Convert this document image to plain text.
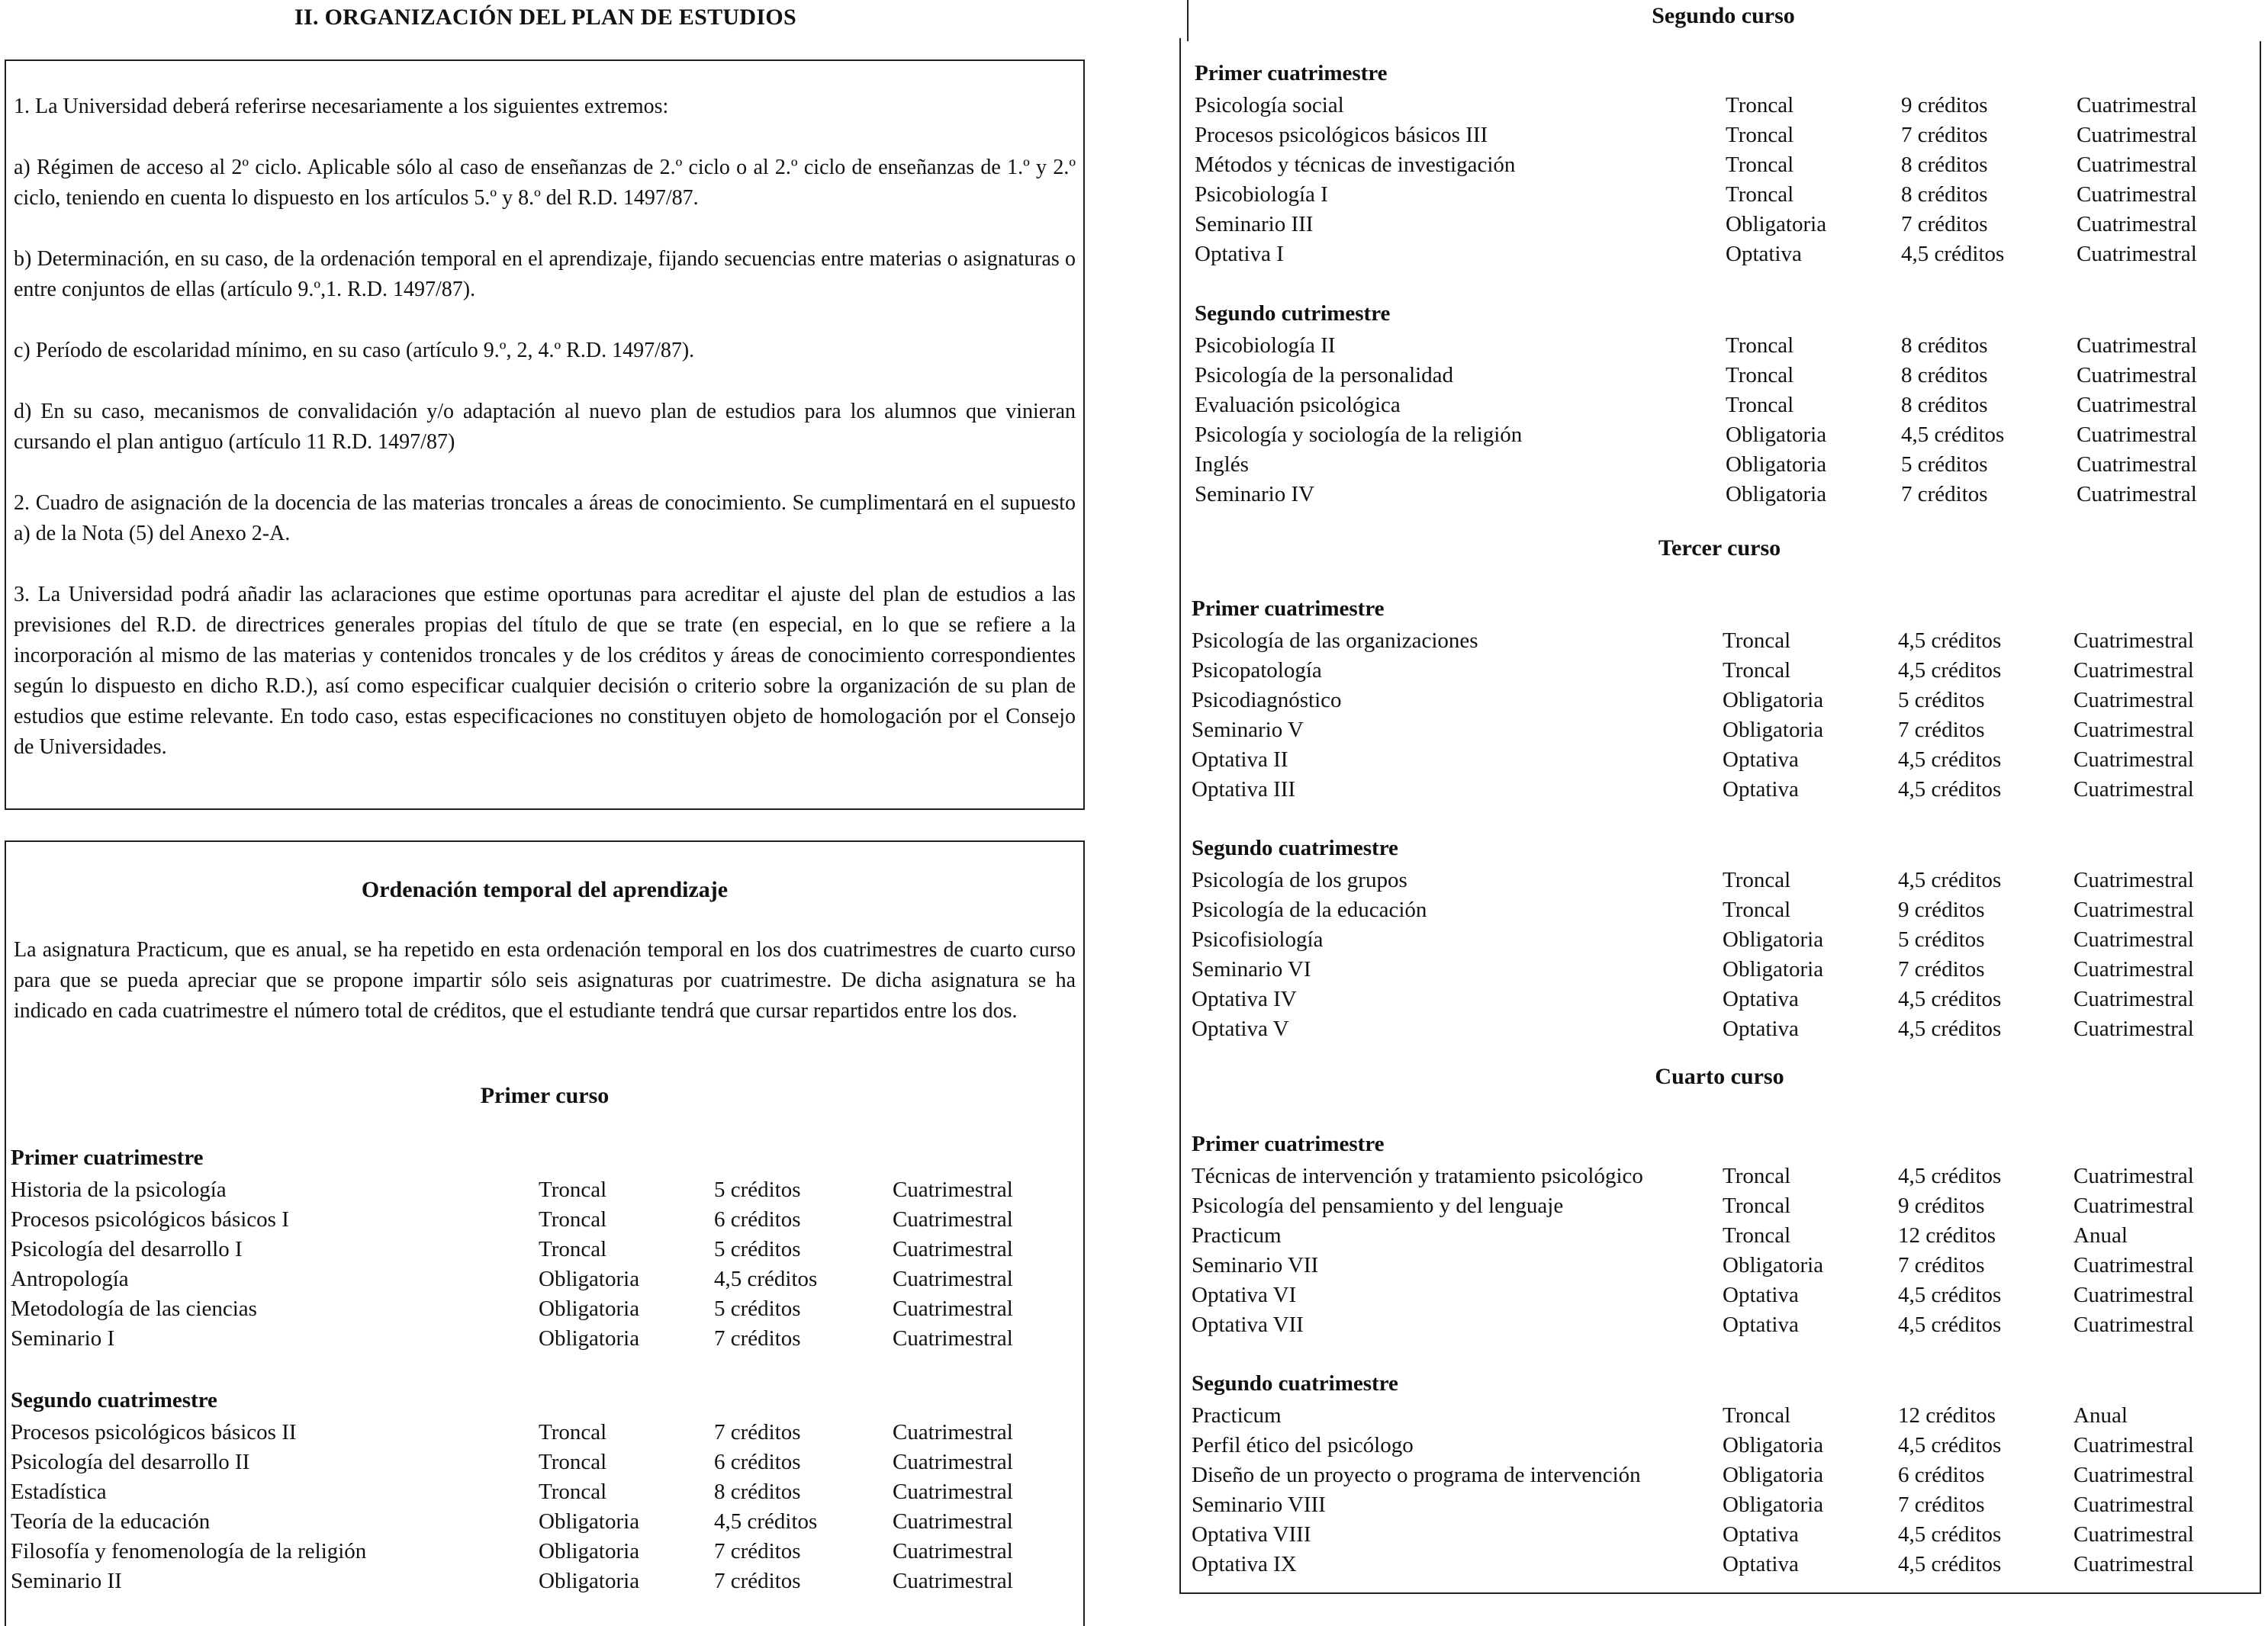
II. ORGANIZACIÓN DEL PLAN DE ESTUDIOS

1. La Universidad deberá referirse necesariamente a los siguientes extremos:

a) Régimen de acceso al 2º ciclo. Aplicable sólo al caso de enseñanzas de 2.º ciclo o al 2.º ciclo de enseñanzas de 1.º y 2.º ciclo, teniendo en cuenta lo dispuesto en los artículos 5.º y 8.º del R.D. 1497/87.

b) Determinación, en su caso, de la ordenación temporal en el aprendizaje, fijando secuencias entre materias o asignaturas o entre conjuntos de ellas (artículo 9.º,1. R.D. 1497/87).

c) Período de escolaridad mínimo, en su caso (artículo 9.º, 2, 4.º R.D. 1497/87).

d) En su caso, mecanismos de convalidación y/o adaptación al nuevo plan de estudios para los alumnos que vinieran cursando el plan antiguo (artículo 11 R.D. 1497/87)

2. Cuadro de asignación de la docencia de las materias troncales a áreas de conocimiento. Se cumplimentará en el supuesto a) de la Nota (5) del Anexo 2-A.

3. La Universidad podrá añadir las aclaraciones que estime oportunas para acreditar el ajuste del plan de estudios a las previsiones del R.D. de directrices generales propias del título de que se trate (en especial, en lo que se refiere a la incorporación al mismo de las materias y contenidos troncales y de los créditos y áreas de conocimiento correspondientes según lo dispuesto en dicho R.D.), así como especificar cualquier decisión o criterio sobre la organización de su plan de estudios que estime relevante. En todo caso, estas especificaciones no constituyen objeto de homologación por el Consejo de Universidades.

Ordenación temporal del aprendizaje

La asignatura Practicum, que es anual, se ha repetido en esta ordenación temporal en los dos cuatrimestres de cuarto curso para que se pueda apreciar que se propone impartir sólo seis asignaturas por cuatrimestre. De dicha asignatura se ha indicado en cada cuatrimestre el número total de créditos, que el estudiante tendrá que cursar repartidos entre los dos.

Primer curso
Primer cuatrimestre
Historia de la psicología	Troncal	5 créditos	Cuatrimestral
Procesos psicológicos básicos I	Troncal	6 créditos	Cuatrimestral
Psicología del desarrollo I	Troncal	5 créditos	Cuatrimestral
Antropología	Obligatoria	4,5 créditos	Cuatrimestral
Metodología de las ciencias	Obligatoria	5 créditos	Cuatrimestral
Seminario I	Obligatoria	7 créditos	Cuatrimestral
Segundo cuatrimestre
Procesos psicológicos básicos II	Troncal	7 créditos	Cuatrimestral
Psicología del desarrollo II	Troncal	6 créditos	Cuatrimestral
Estadística	Troncal	8 créditos	Cuatrimestral
Teoría de la educación	Obligatoria	4,5 créditos	Cuatrimestral
Filosofía y fenomenología de la religión	Obligatoria	7 créditos	Cuatrimestral
Seminario II	Obligatoria	7 créditos	Cuatrimestral
Segundo curso
Primer cuatrimestre
Psicología social	Troncal	9 créditos	Cuatrimestral
Procesos psicológicos básicos III	Troncal	7 créditos	Cuatrimestral
Métodos y técnicas de investigación	Troncal	8 créditos	Cuatrimestral
Psicobiología I	Troncal	8 créditos	Cuatrimestral
Seminario III	Obligatoria	7 créditos	Cuatrimestral
Optativa I	Optativa	4,5 créditos	Cuatrimestral
Segundo cutrimestre
Psicobiología II	Troncal	8 créditos	Cuatrimestral
Psicología de la personalidad	Troncal	8 créditos	Cuatrimestral
Evaluación psicológica	Troncal	8 créditos	Cuatrimestral
Psicología y sociología de la religión	Obligatoria	4,5 créditos	Cuatrimestral
Inglés	Obligatoria	5 créditos	Cuatrimestral
Seminario IV	Obligatoria	7 créditos	Cuatrimestral
Tercer curso
Primer cuatrimestre
Psicología de las organizaciones	Troncal	4,5 créditos	Cuatrimestral
Psicopatología	Troncal	4,5 créditos	Cuatrimestral
Psicodiagnóstico	Obligatoria	5 créditos	Cuatrimestral
Seminario V	Obligatoria	7 créditos	Cuatrimestral
Optativa II	Optativa	4,5 créditos	Cuatrimestral
Optativa III	Optativa	4,5 créditos	Cuatrimestral
Segundo cuatrimestre
Psicología de los grupos	Troncal	4,5 créditos	Cuatrimestral
Psicología de la educación	Troncal	9 créditos	Cuatrimestral
Psicofisiología	Obligatoria	5 créditos	Cuatrimestral
Seminario VI	Obligatoria	7 créditos	Cuatrimestral
Optativa IV	Optativa	4,5 créditos	Cuatrimestral
Optativa V	Optativa	4,5 créditos	Cuatrimestral
Cuarto curso
Primer cuatrimestre
Técnicas de intervención y tratamiento psicológico	Troncal	4,5 créditos	Cuatrimestral
Psicología del pensamiento y del lenguaje	Troncal	9 créditos	Cuatrimestral
Practicum	Troncal	12 créditos	Anual
Seminario VII	Obligatoria	7 créditos	Cuatrimestral
Optativa VI	Optativa	4,5 créditos	Cuatrimestral
Optativa VII	Optativa	4,5 créditos	Cuatrimestral
Segundo cuatrimestre
Practicum	Troncal	12 créditos	Anual
Perfil ético del psicólogo	Obligatoria	4,5 créditos	Cuatrimestral
Diseño de un proyecto o programa de intervención	Obligatoria	6 créditos	Cuatrimestral
Seminario VIII	Obligatoria	7 créditos	Cuatrimestral
Optativa VIII	Optativa	4,5 créditos	Cuatrimestral
Optativa IX	Optativa	4,5 créditos	Cuatrimestral
